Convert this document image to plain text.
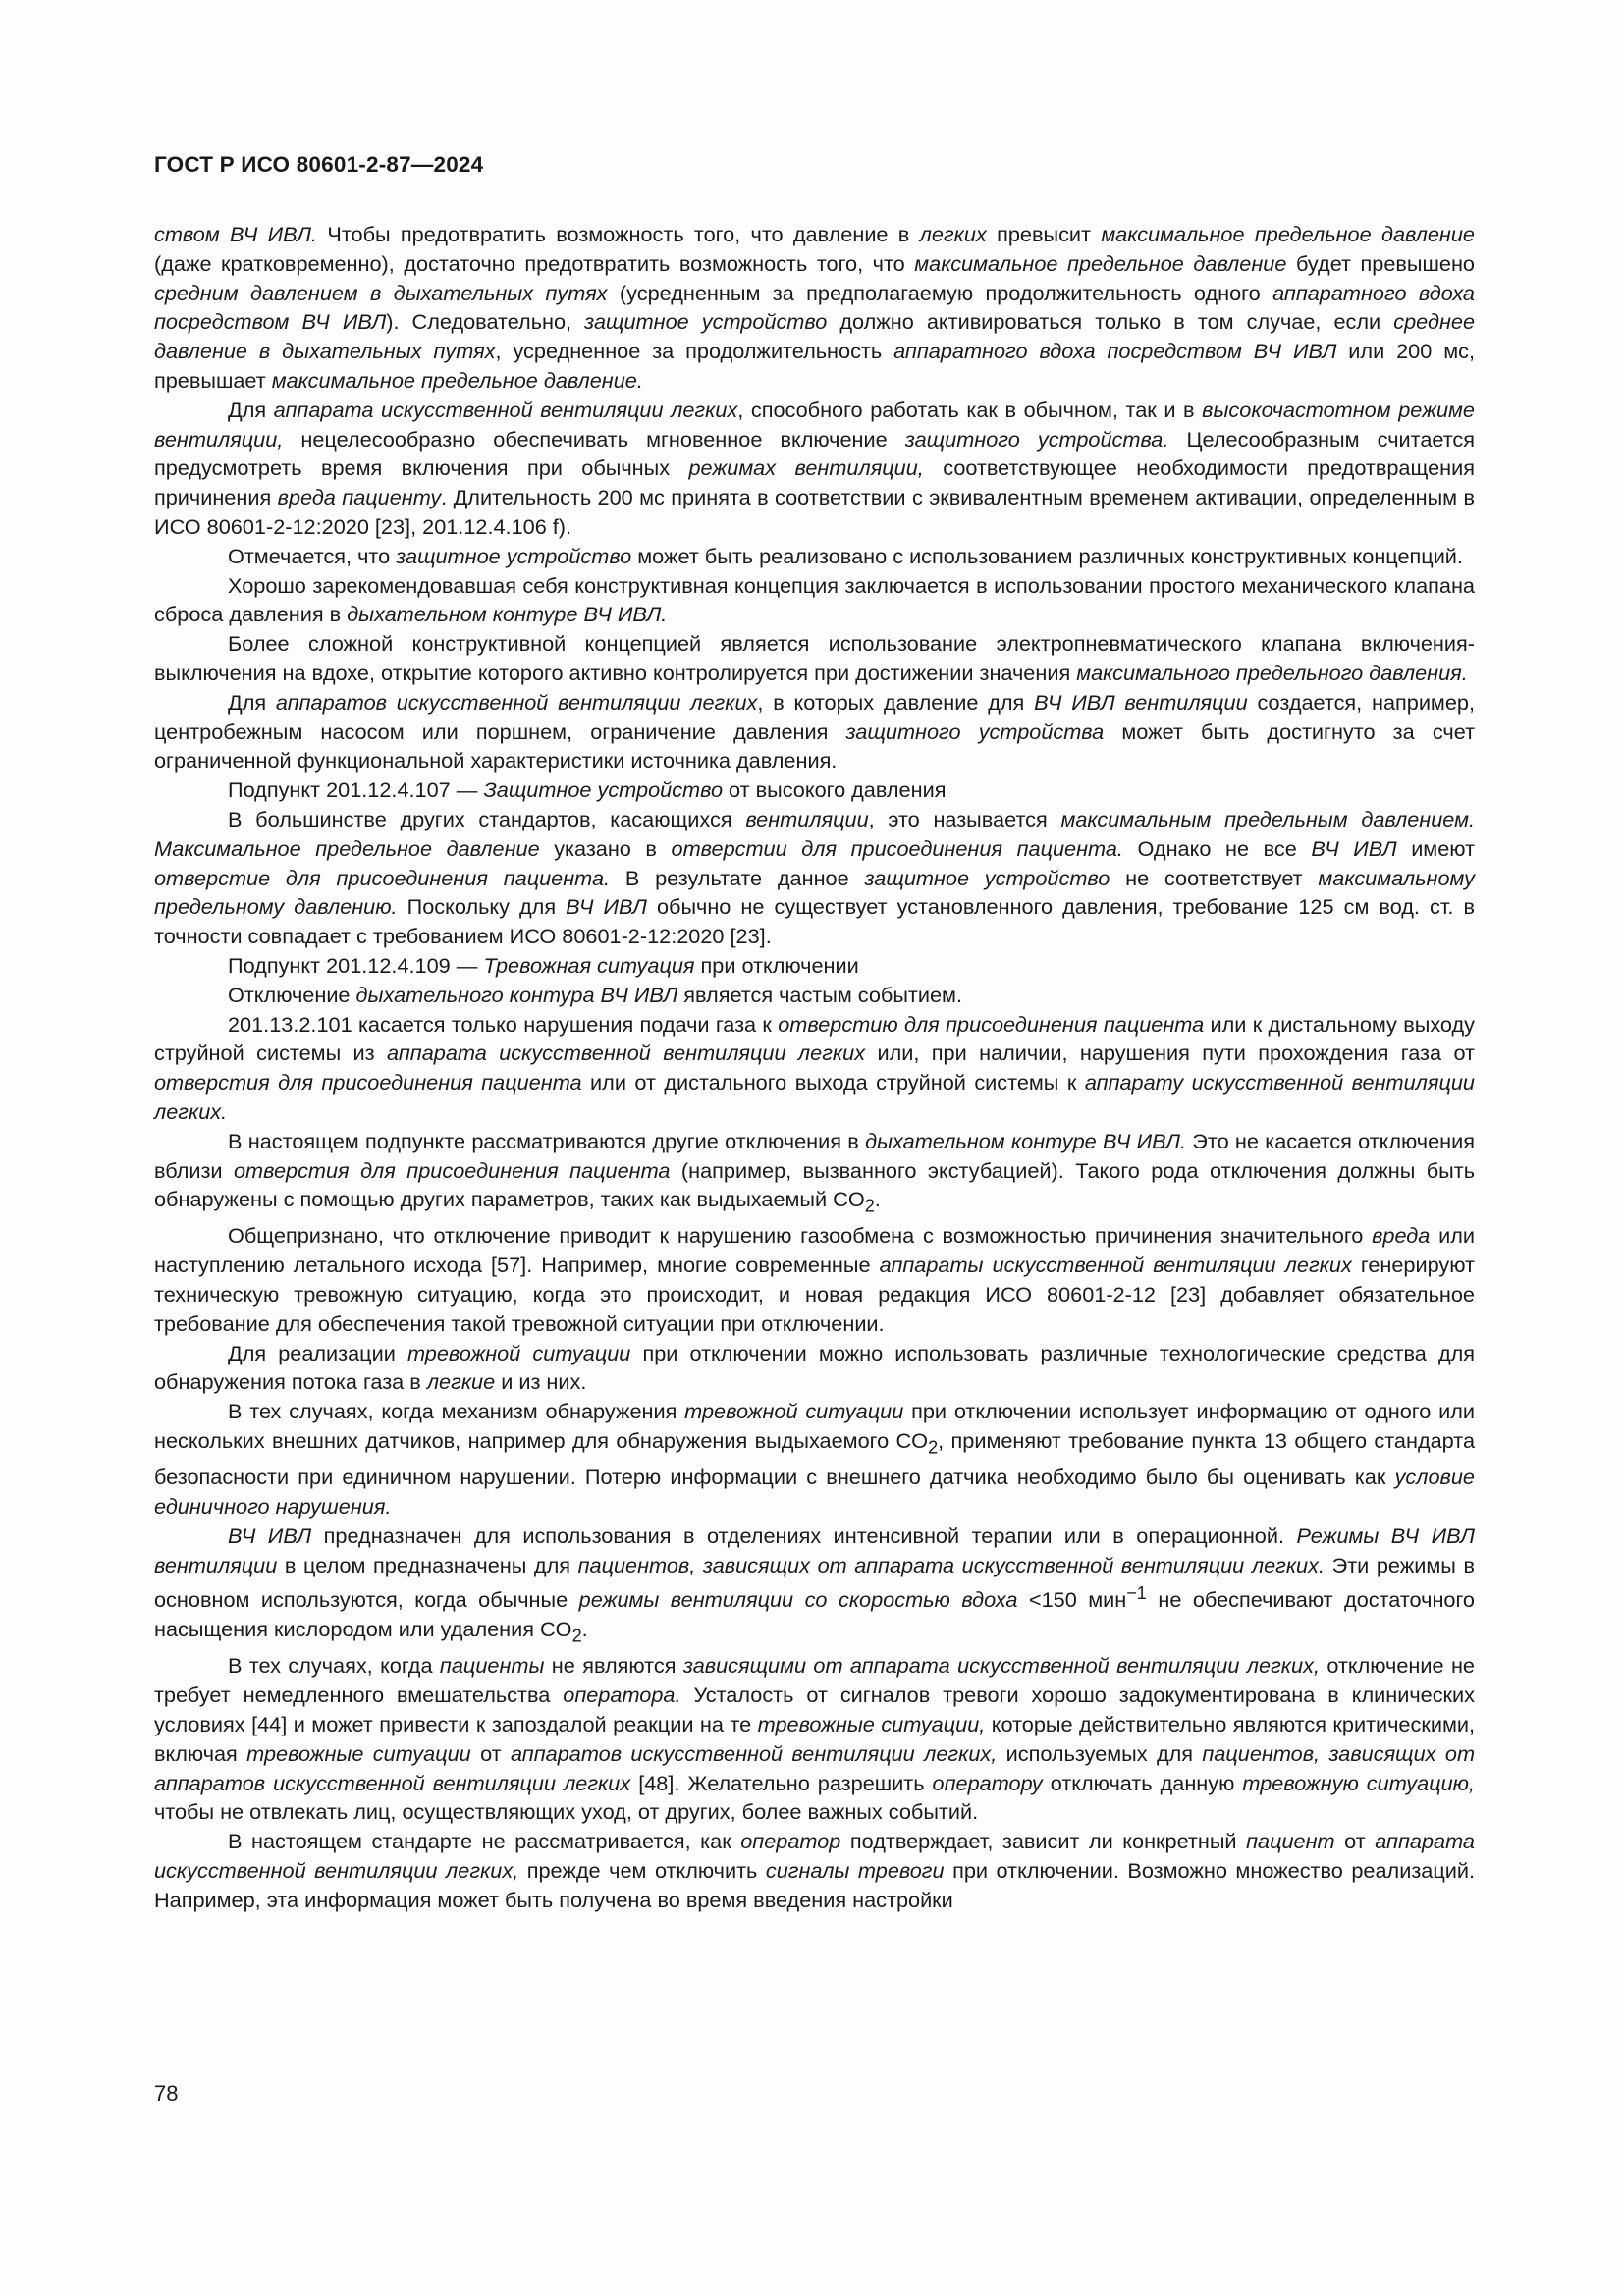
ГОСТ Р ИСО 80601-2-87—2024

ством ВЧ ИВЛ. Чтобы предотвратить возможность того, что давление в легких превысит максимальное предельное давление (даже кратковременно), достаточно предотвратить возможность того, что максимальное предельное давление будет превышено средним давлением в дыхательных путях (усредненным за предполагаемую продолжительность одного аппаратного вдоха посредством ВЧ ИВЛ). Следовательно, защитное устройство должно активироваться только в том случае, если среднее давление в дыхательных путях, усредненное за продолжительность аппаратного вдоха посредством ВЧ ИВЛ или 200 мс, превышает максимальное предельное давление.

Для аппарата искусственной вентиляции легких, способного работать как в обычном, так и в высокочастотном режиме вентиляции, нецелесообразно обеспечивать мгновенное включение защитного устройства. Целесообразным считается предусмотреть время включения при обычных режимах вентиляции, соответствующее необходимости предотвращения причинения вреда пациенту. Длительность 200 мс принята в соответствии с эквивалентным временем активации, определенным в ИСО 80601-2-12:2020 [23], 201.12.4.106 f).

Отмечается, что защитное устройство может быть реализовано с использованием различных конструктивных концепций.

Хорошо зарекомендовавшая себя конструктивная концепция заключается в использовании простого механического клапана сброса давления в дыхательном контуре ВЧ ИВЛ.

Более сложной конструктивной концепцией является использование электропневматического клапана включения-выключения на вдохе, открытие которого активно контролируется при достижении значения максимального предельного давления.

Для аппаратов искусственной вентиляции легких, в которых давление для ВЧ ИВЛ вентиляции создается, например, центробежным насосом или поршнем, ограничение давления защитного устройства может быть достигнуто за счет ограниченной функциональной характеристики источника давления.

Подпункт 201.12.4.107 — Защитное устройство от высокого давления

В большинстве других стандартов, касающихся вентиляции, это называется максимальным предельным давлением. Максимальное предельное давление указано в отверстии для присоединения пациента. Однако не все ВЧ ИВЛ имеют отверстие для присоединения пациента. В результате данное защитное устройство не соответствует максимальному предельному давлению. Поскольку для ВЧ ИВЛ обычно не существует установленного давления, требование 125 см вод. ст. в точности совпадает с требованием ИСО 80601-2-12:2020 [23].

Подпункт 201.12.4.109 — Тревожная ситуация при отключении

Отключение дыхательного контура ВЧ ИВЛ является частым событием.

201.13.2.101 касается только нарушения подачи газа к отверстию для присоединения пациента или к дистальному выходу струйной системы из аппарата искусственной вентиляции легких или, при наличии, нарушения пути прохождения газа от отверстия для присоединения пациента или от дистального выхода струйной системы к аппарату искусственной вентиляции легких.

В настоящем подпункте рассматриваются другие отключения в дыхательном контуре ВЧ ИВЛ. Это не касается отключения вблизи отверстия для присоединения пациента (например, вызванного экстубацией). Такого рода отключения должны быть обнаружены с помощью других параметров, таких как выдыхаемый $CO_2$.

Общепризнано, что отключение приводит к нарушению газообмена с возможностью причинения значительного вреда или наступлению летального исхода [57]. Например, многие современные аппараты искусственной вентиляции легких генерируют техническую тревожную ситуацию, когда это происходит, и новая редакция ИСО 80601-2-12 [23] добавляет обязательное требование для обеспечения такой тревожной ситуации при отключении.

Для реализации тревожной ситуации при отключении можно использовать различные технологические средства для обнаружения потока газа в легкие и из них.

В тех случаях, когда механизм обнаружения тревожной ситуации при отключении использует информацию от одного или нескольких внешних датчиков, например для обнаружения выдыхаемого $CO_2$, применяют требование пункта 13 общего стандарта безопасности при единичном нарушении. Потерю информации с внешнего датчика необходимо было бы оценивать как условие единичного нарушения.

ВЧ ИВЛ предназначен для использования в отделениях интенсивной терапии или в операционной. Режимы ВЧ ИВЛ вентиляции в целом предназначены для пациентов, зависящих от аппарата искусственной вентиляции легких. Эти режимы в основном используются, когда обычные режимы вентиляции со скоростью вдоха <150 мин$^{-1}$ не обеспечивают достаточного насыщения кислородом или удаления $CO_2$.

В тех случаях, когда пациенты не являются зависящими от аппарата искусственной вентиляции легких, отключение не требует немедленного вмешательства оператора. Усталость от сигналов тревоги хорошо задокументирована в клинических условиях [44] и может привести к запоздалой реакции на те тревожные ситуации, которые действительно являются критическими, включая тревожные ситуации от аппаратов искусственной вентиляции легких, используемых для пациентов, зависящих от аппаратов искусственной вентиляции легких [48]. Желательно разрешить оператору отключать данную тревожную ситуацию, чтобы не отвлекать лиц, осуществляющих уход, от других, более важных событий.

В настоящем стандарте не рассматривается, как оператор подтверждает, зависит ли конкретный пациент от аппарата искусственной вентиляции легких, прежде чем отключить сигналы тревоги при отключении. Возможно множество реализаций. Например, эта информация может быть получена во время введения настройки

78
